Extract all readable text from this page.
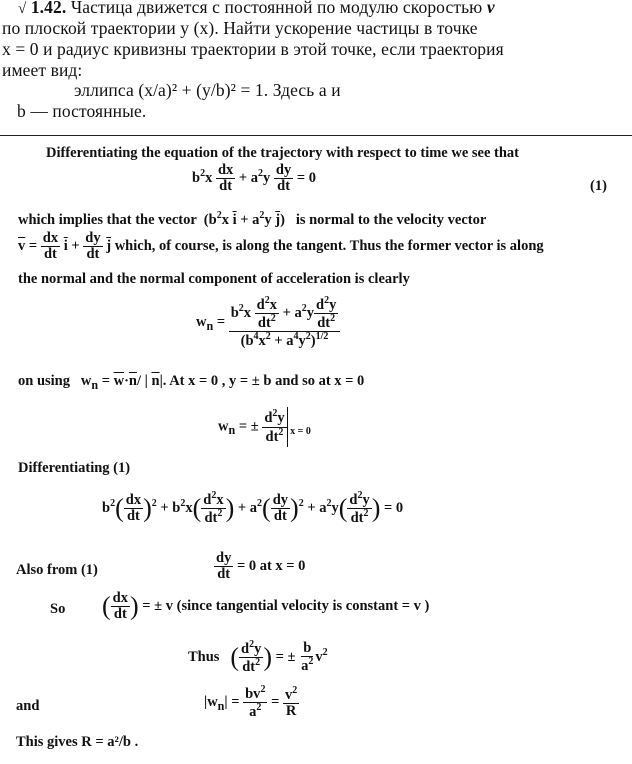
√ 1.42. Частица движется с постоянной по модулю скоростью v
по плоской траектории y (x). Найти ускорение частицы в точке
x = 0 и радиус кривизны траектории в этой точке, если траектория
имеет вид:
эллипса (x/a)² + (y/b)² = 1. Здесь a и
b — постоянные.
Differentiating the equation of the trajectory with respect to time we see that
$b^2x \frac{dx}{dt} + a^2y \frac{dy}{dt} = 0$	(1)
which implies that the vector  ($b^2x$ $\overline{i} + a^2y$ $\overline{j}$)   is normal to the velocity vector
$\overline{v} = \frac{dx}{dt} \overline{i} + \frac{dy}{dt} \overline{j}$ which, of course, is along the tangent. Thus the former vector is along
the normal and the normal component of acceleration is clearly
$w_n = \frac{b^2x \frac{d^2x}{dt^2} + a^2y \frac{d^2y}{dt^2}}{(b^4x^2 + a^4y^2)^{1/2}}$
on using   $w_n = \overline{w}\cdot\overline{n}/$ | $\overline{n}|$. At x = 0 , y = ± b and so at x = 0
$w_n$ = ± $\frac{d^2y}{dt^2} _{x = 0}$
Differentiating (1)
$b^2( \frac{dx}{dt} )^2 + b^2x( \frac{d^2x}{dt^2}$ ) + $a^2( \frac{dy}{dt} )^2 + a^2y( \frac{d^2y}{dt^2}$ ) = 0
Also from (1)	$\frac{dy}{dt} = 0$ at x = 0
So ( $\frac{dx}{dt}$ ) = ± v (since tangential velocity is constant = v )
Thus ( $\frac{d^2y}{dt^2}$ ) = ± $\frac{b}{a^2} v^2$
and	$|w_n| = \frac{bv^2}{a^2} = \frac{v^2}{R}$
This gives R = a²/b .
